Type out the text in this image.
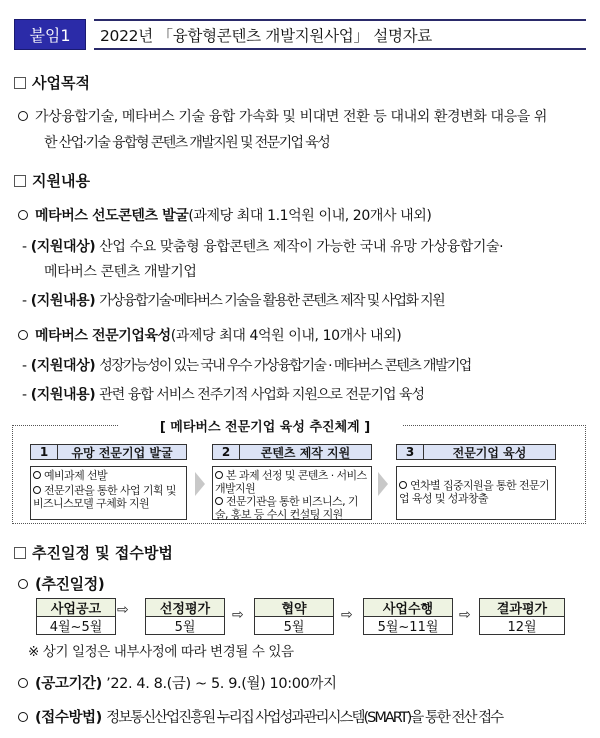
붙임1	2022년 「융합형콘텐츠 개발지원사업」 설명자료
사업목적
가상융합기술, 메타버스 기술 융합 가속화 및 비대면 전환 등 대내외 환경변화 대응을 위
한 산업·기술 융합형 콘텐츠 개발지원 및 전문기업 육성
지원내용
메타버스 선도콘텐츠 발굴(과제당 최대 1.1억원 이내, 20개사 내외)
- (지원대상) 산업 수요 맞춤형 융합콘텐츠 제작이 가능한 국내 유망 가상융합기술·
메타버스 콘텐츠 개발기업
- (지원내용) 가상융합기술·메타버스 기술을 활용한 콘텐츠 제작 및 사업화 지원
메타버스 전문기업육성(과제당 최대 4억원 이내, 10개사 내외)
- (지원대상) 성장가능성이 있는 국내 우수 가상융합기술 · 메타버스 콘텐츠 개발기업
- (지원내용) 관련 융합 서비스 전주기적 사업화 지원으로 전문기업 육성
[ 메타버스 전문기업 육성 추진체계 ]
1	유망 전문기업 발굴
예비과제 선발
전문기관을 통한 사업 기획 및 비즈니스모델 구체화 지원
2	콘텐츠 제작 지원
본 과제 선정 및 콘텐츠 · 서비스 개발지원
전문기관을 통한 비즈니스, 기술, 홍보 등 수시 컨설팅 지원
3	전문기업 육성
연차별 집중지원을 통한 전문기업 육성 및 성과창출
추진일정 및 접수방법
(추진일정)
사업공고
4월~5월
⇨	선정평가
5월
⇨	협약
5월
⇨	사업수행
5월~11월
⇨	결과평가
12월
※ 상기 일정은 내부사정에 따라 변경될 수 있음
(공고기간) ’22. 4. 8.(금) ~ 5. 9.(월) 10:00까지
(접수방법) 정보통신산업진흥원 누리집 사업성과관리시스템(SMART)을 통한 전산 접수
